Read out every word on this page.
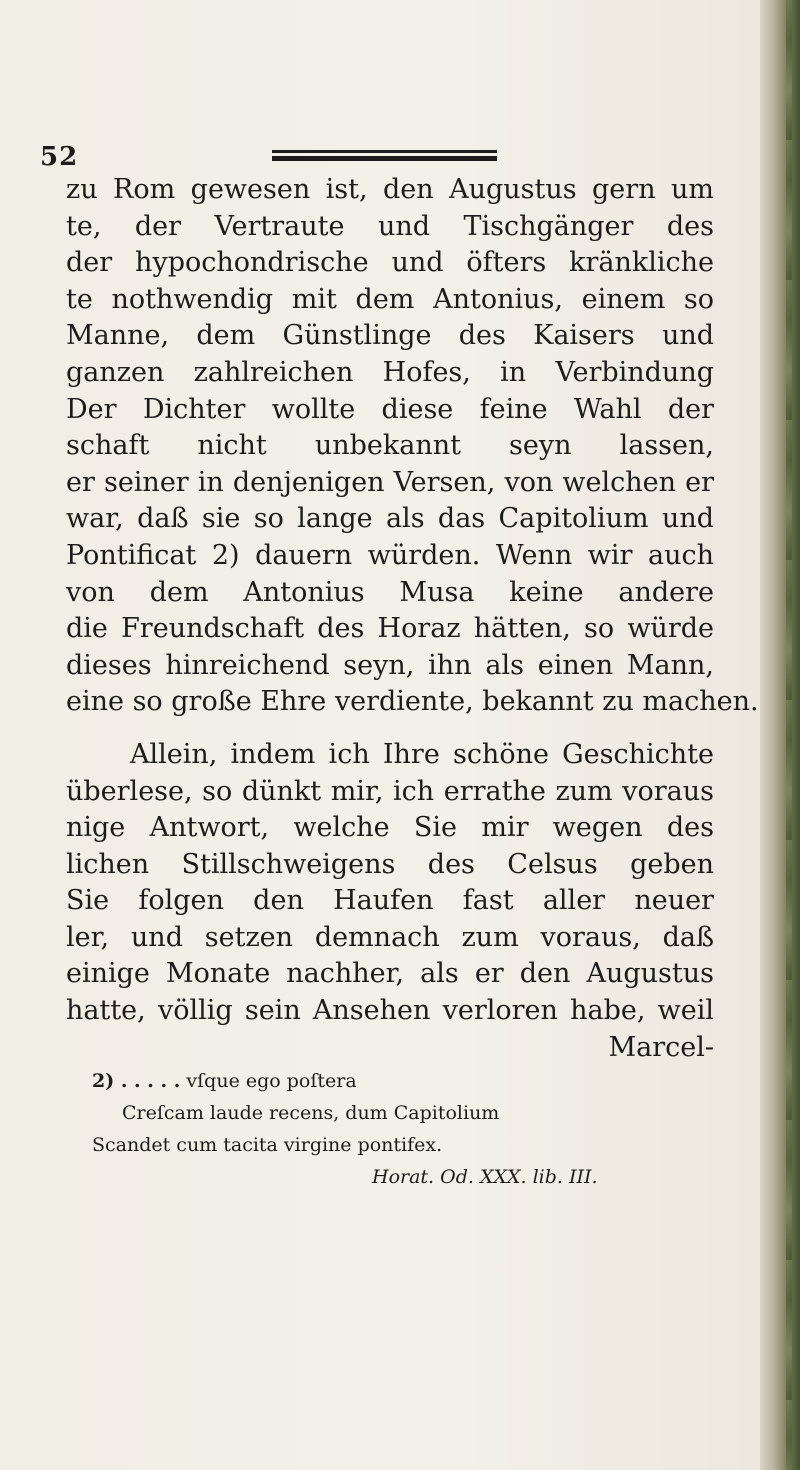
52
zu Rom gewesen ist, den Augustus gern um
te, der Vertraute und Tischgänger des
der hypochondrische und öfters kränkliche
te nothwendig mit dem Antonius, einem so
Manne, dem Günstlinge des Kaisers und
ganzen zahlreichen Hofes, in Verbindung
Der Dichter wollte diese feine Wahl der
schaft nicht unbekannt seyn lassen,
er seiner in denjenigen Versen, von welchen er
war, daß sie so lange als das Capitolium und
Pontificat 2) dauern würden. Wenn wir auch
von dem Antonius Musa keine andere
die Freundschaft des Horaz hätten, so würde
dieses hinreichend seyn, ihn als einen Mann,
eine so große Ehre verdiente, bekannt zu machen.
Allein, indem ich Ihre schöne Geschichte
überlese, so dünkt mir, ich errathe zum voraus
nige Antwort, welche Sie mir wegen des
lichen Stillschweigens des Celsus geben
Sie folgen den Haufen fast aller neuer
ler, und setzen demnach zum voraus, daß
einige Monate nachher, als er den Augustus
hatte, völlig sein Ansehen verloren habe, weil
Marcel-
2) . . . . . vſque ego poſtera
Creſcam laude recens, dum Capitolium
Scandet cum tacita virgine pontifex.
Horat. Od. XXX. lib. III.
